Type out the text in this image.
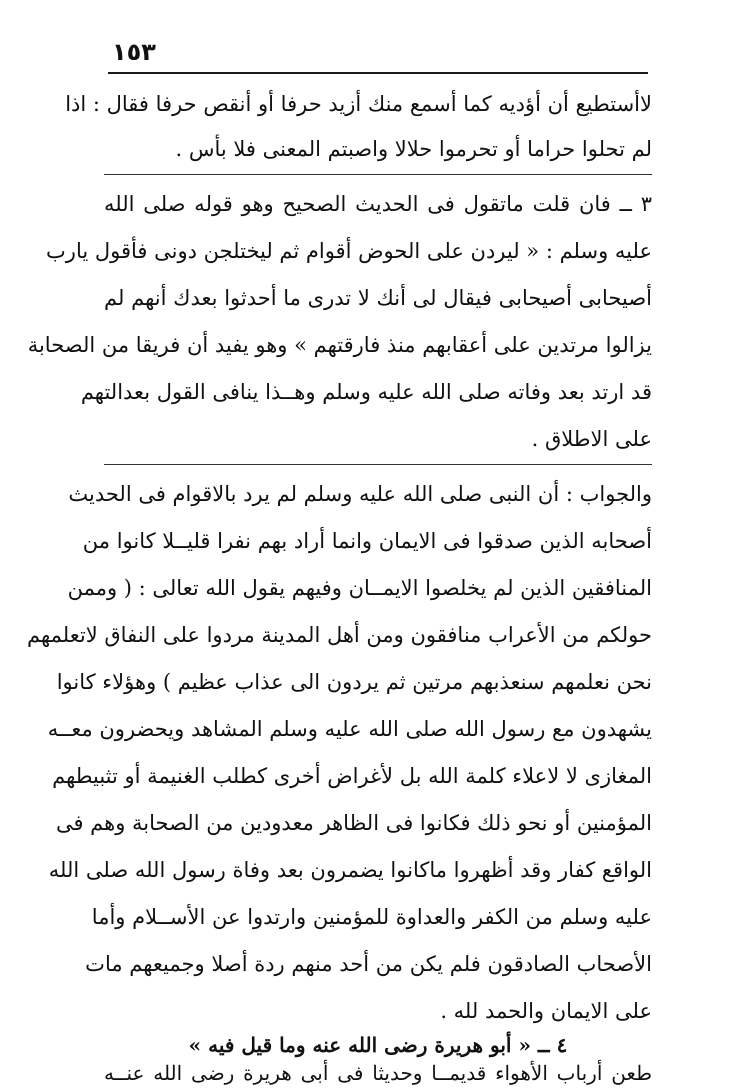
١٥٣
لاأستطيع أن أؤديه كما أسمع منك أزيد حرفا أو أنقص حرفا فقال : اذا
لم تحلوا حراما أو تحرموا حلالا واصبتم المعنى فلا بأس .
٣ ــ فان قلت ماتقول فى الحديث الصحيح وهو قوله صلى الله
عليه وسلم : « ليردن على الحوض أقوام ثم ليختلجن دونى فأقول يارب
أصيحابى أصيحابى فيقال لى أنك لا تدرى ما أحدثوا بعدك أنهم لم
يزالوا مرتدين على أعقابهم منذ فارقتهم » وهو يفيد أن فريقا من الصحابة
قد ارتد بعد وفاته صلى الله عليه وسلم وهــذا ينافى القول بعدالتهم
على الاطلاق .
والجواب : أن النبى صلى الله عليه وسلم لم يرد بالاقوام فى الحديث
أصحابه الذين صدقوا فى الايمان وانما أراد بهم نفرا قليــلا كانوا من
المنافقين الذين لم يخلصوا الايمــان وفيهم يقول الله تعالى : ( وممن
حولكم من الأعراب منافقون ومن أهل المدينة مردوا على النفاق لاتعلمهم
نحن نعلمهم سنعذبهم مرتين ثم يردون الى عذاب عظيم ) وهؤلاء كانوا
يشهدون مع رسول الله صلى الله عليه وسلم المشاهد ويحضرون معــه
المغازى لا لاعلاء كلمة الله بل لأغراض أخرى كطلب الغنيمة أو تثبيطهم
المؤمنين أو نحو ذلك فكانوا فى الظاهر معدودين من الصحابة وهم فى
الواقع كفار وقد أظهروا ماكانوا يضمرون بعد وفاة رسول الله صلى الله
عليه وسلم من الكفر والعداوة للمؤمنين وارتدوا عن الأســلام وأما
الأصحاب الصادقون فلم يكن من أحد منهم ردة أصلا وجميعهم مات
على الايمان والحمد لله .
٤ ــ « أبو هريرة رضى الله عنه وما قيل فيه »
طعن أرباب الأهواء قديمــا وحديثا فى أبى هريرة رضى الله عنــه
